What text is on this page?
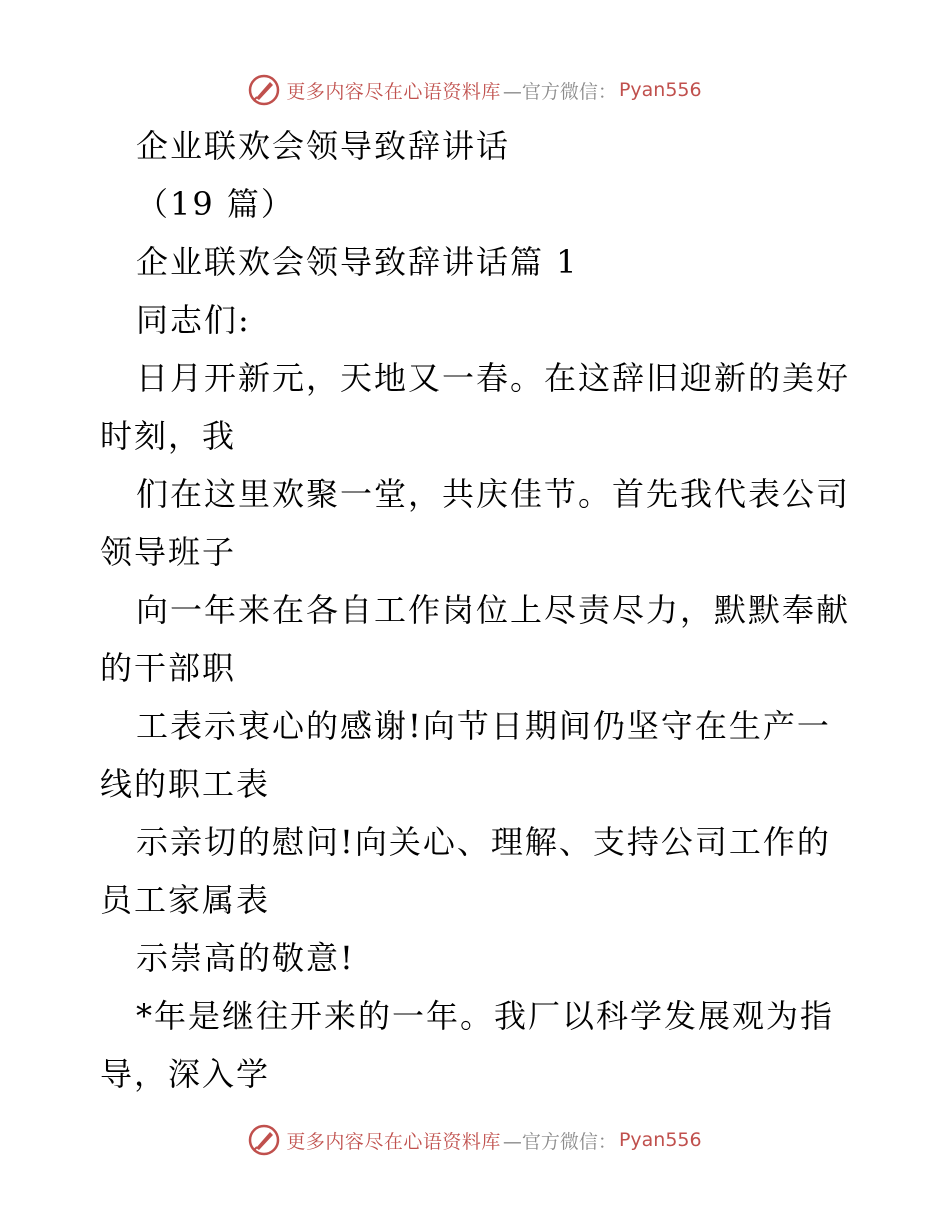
更多内容尽在心语资料库 —官方微信： Pyan556
企业联欢会领导致辞讲话
（19 篇）
企业联欢会领导致辞讲话篇 1
同志们:
日月开新元，天地又一春。在这辞旧迎新的美好
时刻，我
们在这里欢聚一堂，共庆佳节。首先我代表公司
领导班子
向一年来在各自工作岗位上尽责尽力，默默奉献
的干部职
工表示衷心的感谢!向节日期间仍坚守在生产一
线的职工表
示亲切的慰问!向关心、理解、支持公司工作的
员工家属表
示崇高的敬意!
*年是继往开来的一年。我厂以科学发展观为指
导，深入学
更多内容尽在心语资料库 —官方微信： Pyan556
